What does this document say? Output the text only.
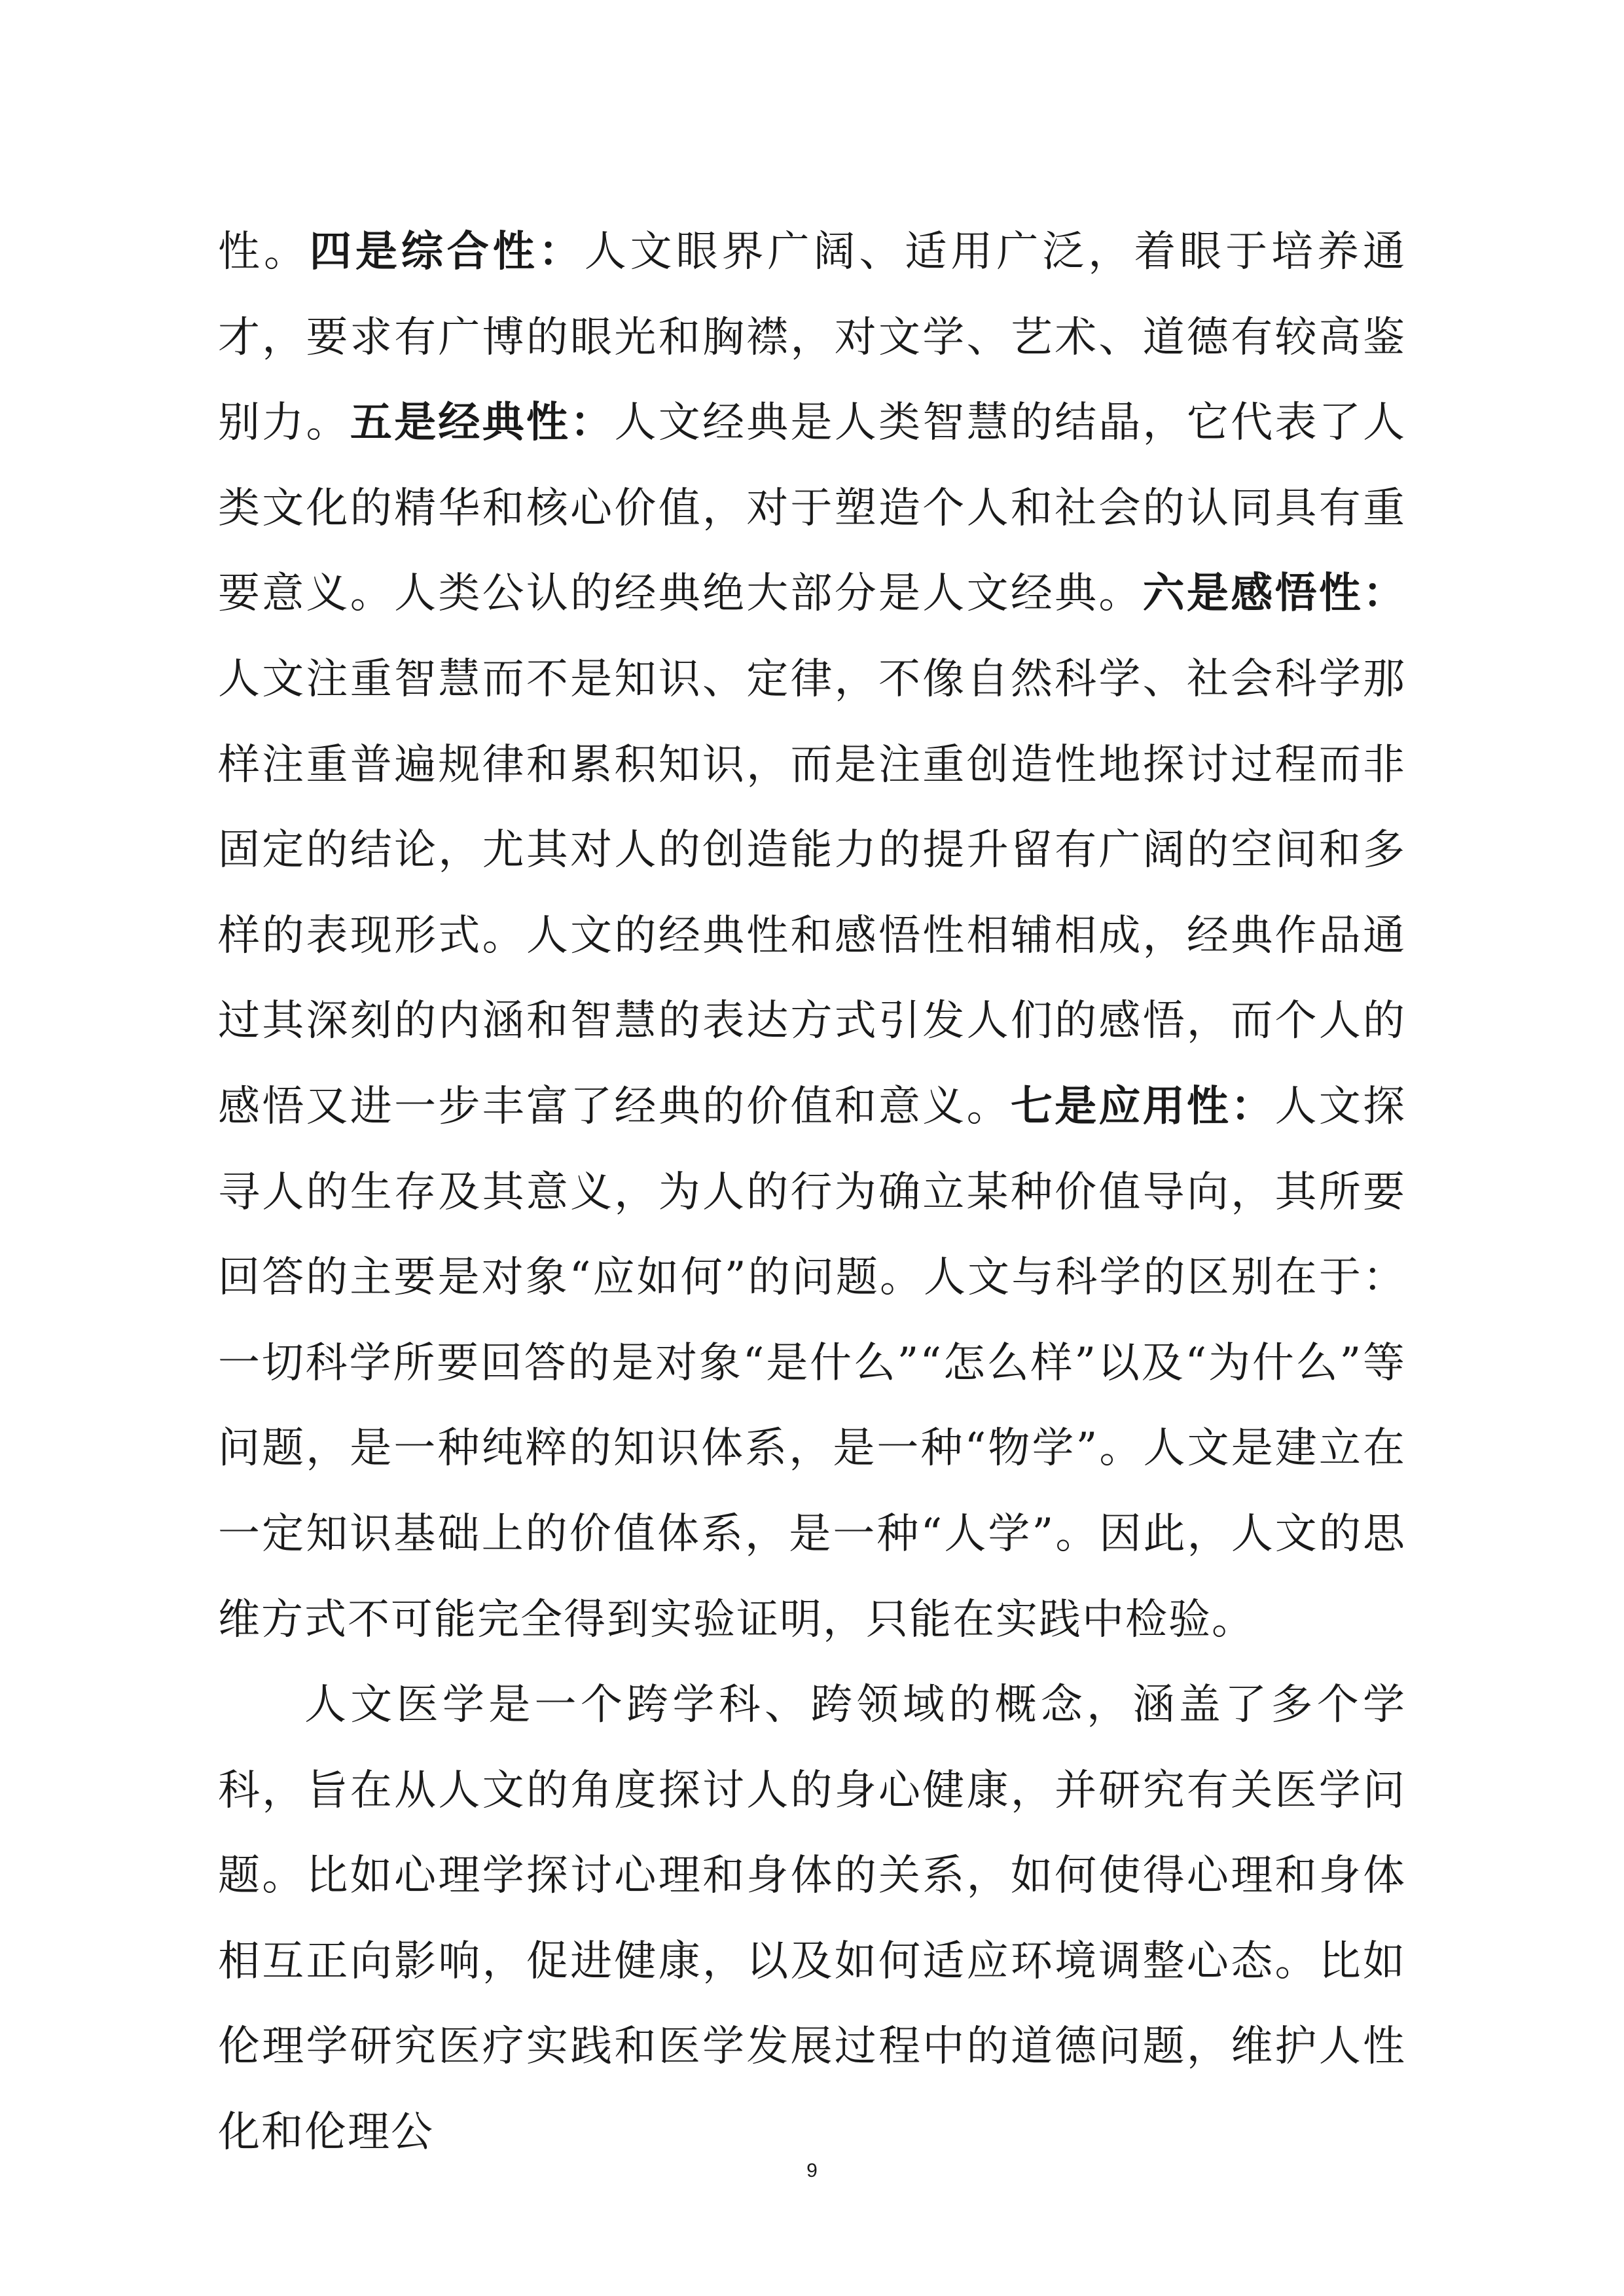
性。四是综合性：人文眼界广阔、适用广泛，着眼于培养通才，要求有广博的眼光和胸襟，对文学、艺术、道德有较高鉴别力。五是经典性：人文经典是人类智慧的结晶，它代表了人类文化的精华和核心价值，对于塑造个人和社会的认同具有重要意义。人类公认的经典绝大部分是人文经典。六是感悟性：人文注重智慧而不是知识、定律，不像自然科学、社会科学那样注重普遍规律和累积知识，而是注重创造性地探讨过程而非固定的结论，尤其对人的创造能力的提升留有广阔的空间和多样的表现形式。人文的经典性和感悟性相辅相成，经典作品通过其深刻的内涵和智慧的表达方式引发人们的感悟，而个人的感悟又进一步丰富了经典的价值和意义。七是应用性：人文探寻人的生存及其意义，为人的行为确立某种价值导向，其所要回答的主要是对象“应如何”的问题。人文与科学的区别在于：一切科学所要回答的是对象“是什么”“怎么样”以及“为什么”等问题，是一种纯粹的知识体系，是一种“物学”。人文是建立在一定知识基础上的价值体系，是一种“人学”。因此，人文的思维方式不可能完全得到实验证明，只能在实践中检验。

人文医学是一个跨学科、跨领域的概念，涵盖了多个学科，旨在从人文的角度探讨人的身心健康，并研究有关医学问题。比如心理学探讨心理和身体的关系，如何使得心理和身体相互正向影响，促进健康，以及如何适应环境调整心态。比如伦理学研究医疗实践和医学发展过程中的道德问题，维护人性化和伦理公

9
